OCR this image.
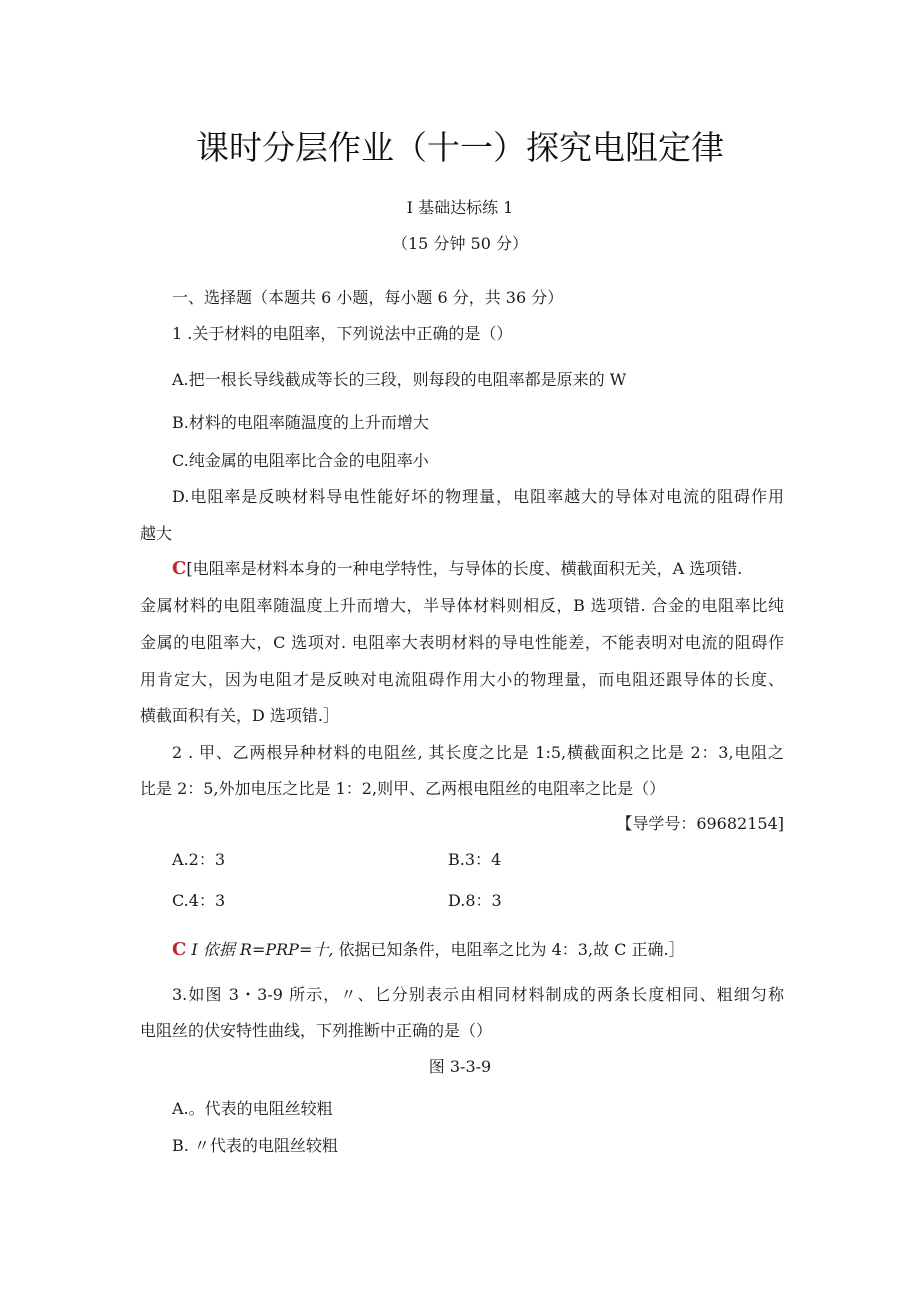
课时分层作业（十一）探究电阻定律
I 基础达标练 1
（15 分钟 50 分）
一、选择题（本题共 6 小题，每小题 6 分，共 36 分）
1 .关于材料的电阻率，下列说法中正确的是（）
A.把一根长导线截成等长的三段，则每段的电阻率都是原来的 W
B.材料的电阻率随温度的上升而增大
C.纯金属的电阻率比合金的电阻率小
D.电阻率是反映材料导电性能好坏的物理量，电阻率越大的导体对电流的阻碍作用
越大
C[电阻率是材料本身的一种电学特性，与导体的长度、横截面积无关，A 选项错.
金属材料的电阻率随温度上升而增大，半导体材料则相反，B 选项错. 合金的电阻率比纯
金属的电阻率大，C 选项对. 电阻率大表明材料的导电性能差，不能表明对电流的阻碍作
用肯定大，因为电阻才是反映对电流阻碍作用大小的物理量，而电阻还跟导体的长度、
横截面积有关，D 选项错.］
2 . 甲、乙两根异种材料的电阻丝, 其长度之比是 1:5,横截面积之比是 2：3,电阻之
比是 2：5,外加电压之比是 1：2,则甲、乙两根电阻丝的电阻率之比是（）
【导学号：69682154]
A.2：3	B.3：4
C.4：3	D.8：3
C I 依据 R=PRP=十, 依据已知条件，电阻率之比为 4：3,故 C 正确.］
3.如图 3・3-9 所示，〃、匕分别表示由相同材料制成的两条长度相同、粗细匀称
电阻丝的伏安特性曲线，下列推断中正确的是（）
图 3-3-9
A.。代表的电阻丝较粗
B. 〃代表的电阻丝较粗
